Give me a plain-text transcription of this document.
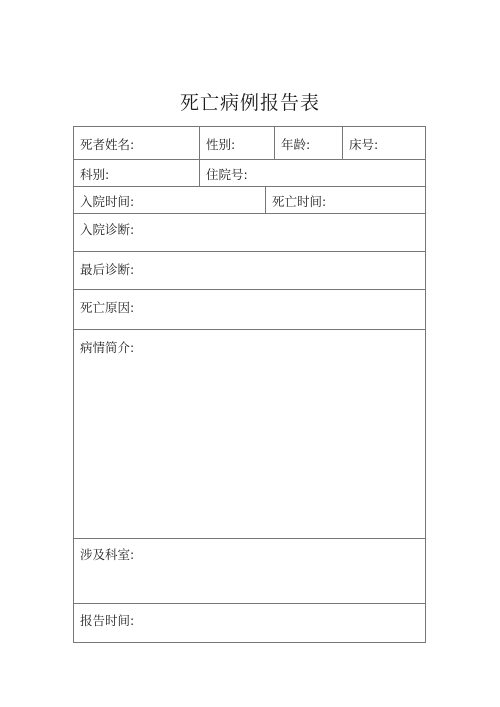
死亡病例报告表
死者姓名:	性别:	年龄:	床号:
科别:	住院号:
入院时间:	死亡时间:
入院诊断:
最后诊断:
死亡原因:
病情简介:
涉及科室:
报告时间:
